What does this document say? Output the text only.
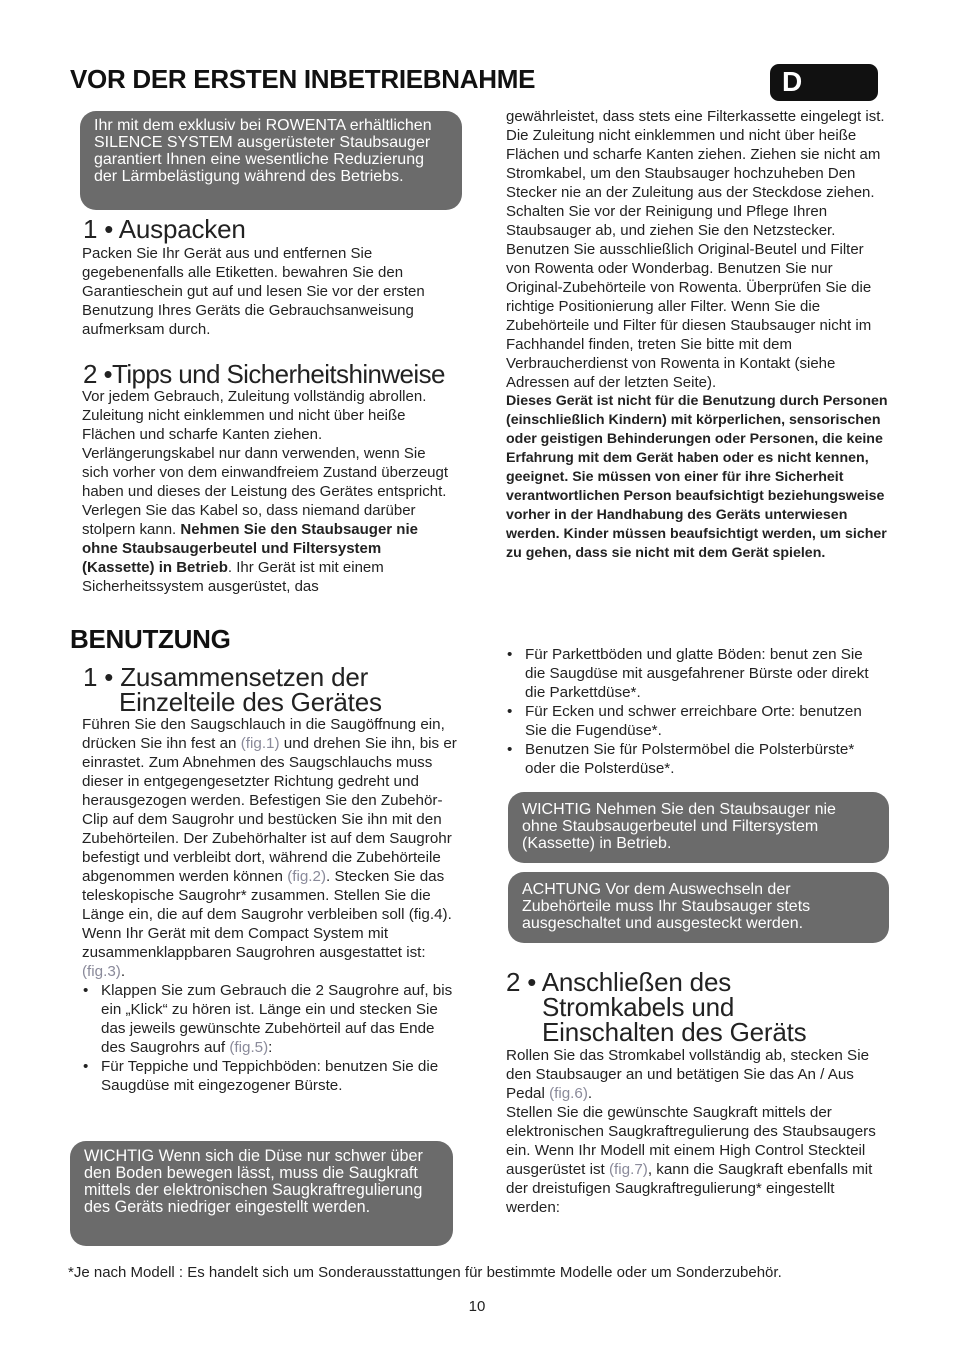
VOR DER ERSTEN INBETRIEBNAHME	D
Ihr mit dem exklusiv bei ROWENTA erhältlichen SILENCE SYSTEM ausgerüsteter Staubsauger garantiert Ihnen eine wesentliche Reduzierung der Lärmbelästigung während des Betriebs.
1 • Auspacken
Packen Sie Ihr Gerät aus und entfernen Sie gegebenenfalls alle Etiketten. bewahren Sie den Garantieschein gut auf und lesen Sie vor der ersten Benutzung Ihres Geräts die Gebrauchsanweisung aufmerksam durch.
2 •Tipps und Sicherheitshinweise
Vor jedem Gebrauch, Zuleitung vollständig abrollen. Zuleitung nicht einklemmen und nicht über heiße Flächen und scharfe Kanten ziehen. Verlängerungskabel nur dann verwenden, wenn Sie sich vorher von dem einwandfreiem Zustand überzeugt haben und dieses der Leistung des Gerätes entspricht. Verlegen Sie das Kabel so, dass niemand darüber stolpern kann. Nehmen Sie den Staubsauger nie ohne Staubsaugerbeutel und Filtersystem (Kassette) in Betrieb. Ihr Gerät ist mit einem Sicherheitssystem ausgerüstet, das

gewährleistet, dass stets eine Filterkassette eingelegt ist. Die Zuleitung nicht einklemmen und nicht über heiße Flächen und scharfe Kanten ziehen. Ziehen sie nicht am Stromkabel, um den Staubsauger hochzuheben Den Stecker nie an der Zuleitung aus der Steckdose ziehen. Schalten Sie vor der Reinigung und Pflege Ihren Staubsauger ab, und ziehen Sie den Netzstecker. Benutzen Sie ausschließlich Original-Beutel und Filter von Rowenta oder Wonderbag. Benutzen Sie nur Original-Zubehörteile von Rowenta. Überprüfen Sie die richtige Positionierung aller Filter. Wenn Sie die Zubehörteile und Filter für diesen Staubsauger nicht im Fachhandel finden, treten Sie bitte mit dem Verbraucherdienst von Rowenta in Kontakt (siehe Adressen auf der letzten Seite).

Dieses Gerät ist nicht für die Benutzung durch Personen (einschließlich Kindern) mit körperlichen, sensorischen oder geistigen Behinderungen oder Personen, die keine Erfahrung mit dem Gerät haben oder es nicht kennen, geeignet. Sie müssen von einer für ihre Sicherheit verantwortlichen Person beaufsichtigt beziehungsweise vorher in der Handhabung des Geräts unterwiesen werden. Kinder müssen beaufsichtigt werden, um sicher zu gehen, dass sie nicht mit dem Gerät spielen.

BENUTZUNG
1 • Zusammensetzen der
Einzelteile des Gerätes

Führen Sie den Saugschlauch in die Saugöffnung ein, drücken Sie ihn fest an (fig.1) und drehen Sie ihn, bis er einrastet. Zum Abnehmen des Saugschlauchs muss dieser in entgegengesetzter Richtung gedreht und herausgezogen werden. Befestigen Sie den Zubehör-Clip auf dem Saugrohr und bestücken Sie ihn mit den Zubehörteilen. Der Zubehörhalter ist auf dem Saugrohr befestigt und verbleibt dort, während die Zubehörteile abgenommen werden können (fig.2). Stecken Sie das teleskopische Saugrohr* zusammen. Stellen Sie die Länge ein, die auf dem Saugrohr verbleiben soll (fig.4). Wenn Ihr Gerät mit dem Compact System mit zusammenklappbaren Saugrohren ausgestattet ist: (fig.3).

• Klappen Sie zum Gebrauch die 2 Saugrohre auf, bis ein „Klick“ zu hören ist. Länge ein und stecken Sie das jeweils gewünschte Zubehörteil auf das Ende des Saugrohrs auf (fig.5):
• Für Teppiche und Teppichböden: benutzen Sie die Saugdüse mit eingezogener Bürste.
WICHTIG Wenn sich die Düse nur schwer über den Boden bewegen lässt, muss die Saugkraft mittels der elektronischen Saugkraftregulierung des Geräts niedriger eingestellt werden.
• Für Parkettböden und glatte Böden: benut zen Sie die Saugdüse mit ausgefahrener Bürste oder direkt die Parkettdüse*.
• Für Ecken und schwer erreichbare Orte: benutzen Sie die Fugendüse*.
• Benutzen Sie für Polstermöbel die Polsterbürste* oder die Polsterdüse*.
WICHTIG Nehmen Sie den Staubsauger nie ohne Staubsaugerbeutel und Filtersystem (Kassette) in Betrieb.
ACHTUNG Vor dem Auswechseln der Zubehörteile muss Ihr Staubsauger stets ausgeschaltet und ausgesteckt werden.
2 • Anschließen des
Stromkabels und
Einschalten des Geräts

Rollen Sie das Stromkabel vollständig ab, stecken Sie den Staubsauger an und betätigen Sie das An / Aus Pedal (fig.6).

Stellen Sie die gewünschte Saugkraft mittels der elektronischen Saugkraftregulierung des Staubsaugers ein. Wenn Ihr Modell mit einem High Control Steckteil ausgerüstet ist (fig.7), kann die Saugkraft ebenfalls mit der dreistufigen Saugkraftregulierung* eingestellt werden:

*Je nach Modell : Es handelt sich um Sonderausstattungen für bestimmte Modelle oder um Sonderzubehör.
10
